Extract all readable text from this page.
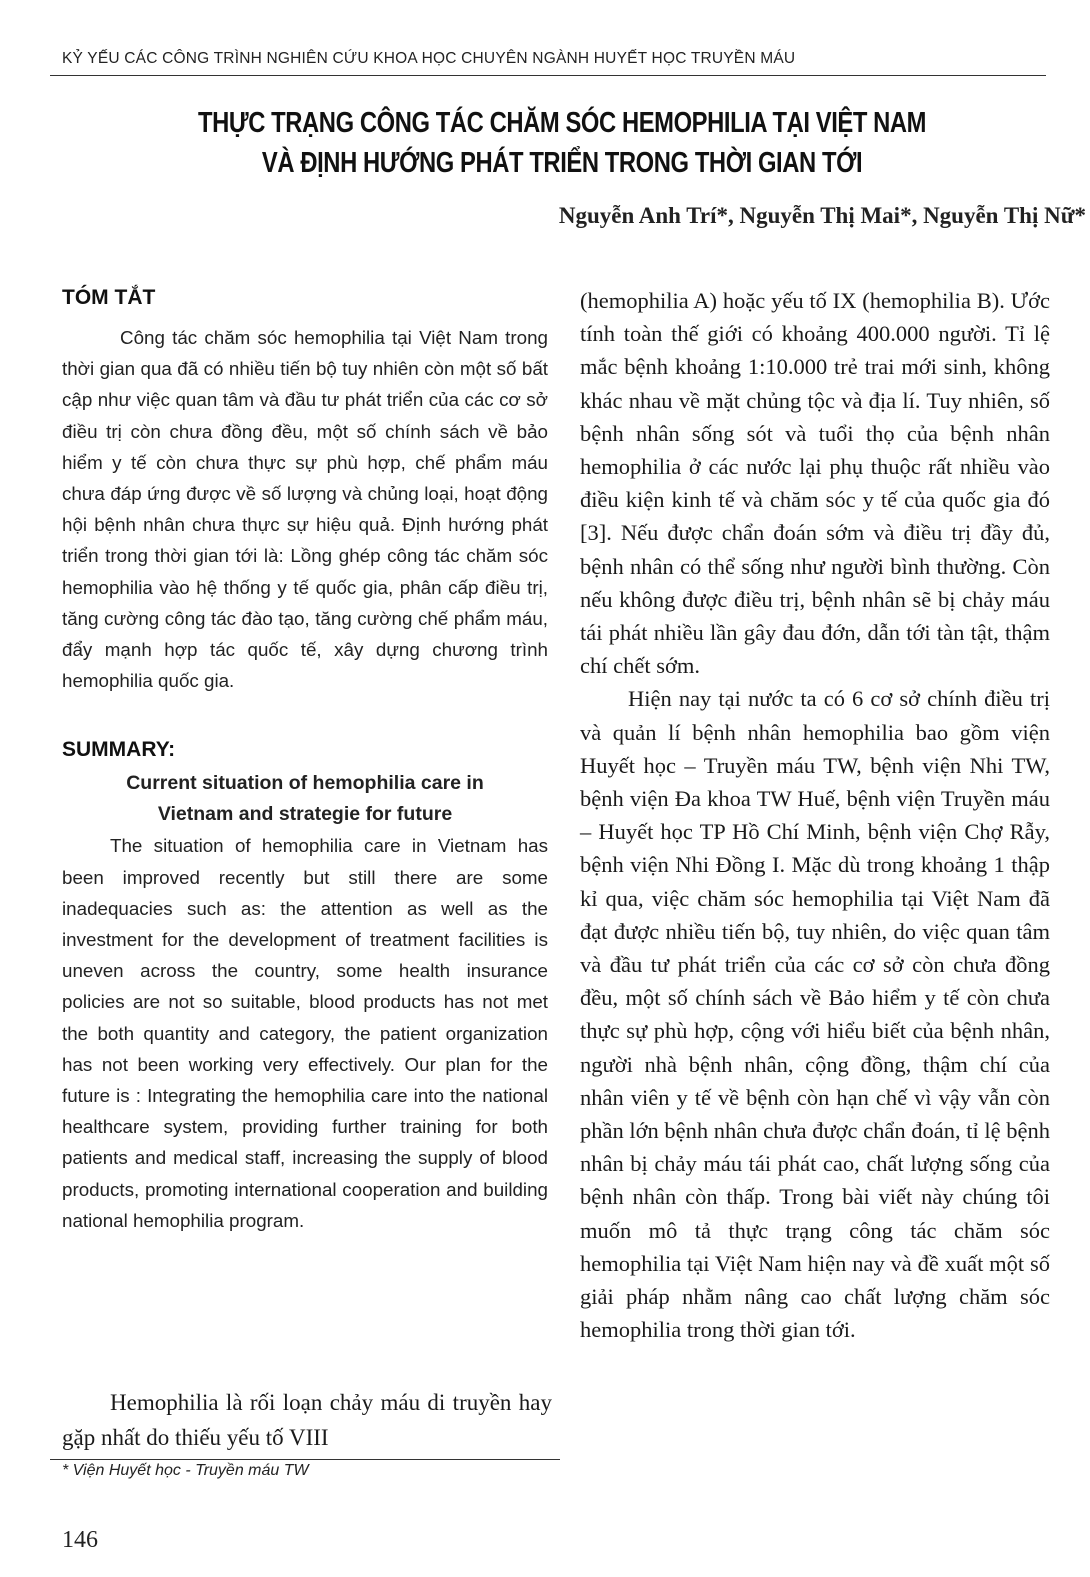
KỶ YẾU CÁC CÔNG TRÌNH NGHIÊN CỨU KHOA HỌC CHUYÊN NGÀNH HUYẾT HỌC TRUYỀN MÁU
THỰC TRẠNG CÔNG TÁC CHĂM SÓC HEMOPHILIA TẠI VIỆT NAM
VÀ ĐỊNH HƯỚNG PHÁT TRIỂN TRONG THỜI GIAN TỚI
Nguyễn Anh Trí*, Nguyễn Thị Mai*, Nguyễn Thị Nữ*

TÓM TẮT

Công tác chăm sóc hemophilia tại Việt Nam trong thời gian qua đã có nhiều tiến bộ tuy nhiên còn một số bất cập như việc quan tâm và đầu tư phát triển của các cơ sở điều trị còn chưa đồng đều, một số chính sách về bảo hiểm y tế còn chưa thực sự phù hợp, chế phẩm máu chưa đáp ứng được về số lượng và chủng loại, hoạt động hội bệnh nhân chưa thực sự hiệu quả. Định hướng phát triển trong thời gian tới là: Lồng ghép công tác chăm sóc hemophilia vào hệ thống y tế quốc gia, phân cấp điều trị, tăng cường công tác đào tạo, tăng cường chế phẩm máu, đẩy mạnh hợp tác quốc tế, xây dựng chương trình hemophilia quốc gia.

SUMMARY:

Current situation of hemophilia care in
Vietnam and strategie for future

The situation of hemophilia care in Vietnam has been improved recently but still there are some inadequacies such as: the attention as well as the investment for the development of treatment facilities is uneven across the country, some health insurance policies are not so suitable, blood products has not met the both quantity and category, the patient organization has not been working very effectively. Our plan for the future is : Integrating the hemophilia care into the national healthcare system, providing further training for both patients and medical staff, increasing the supply of blood products, promoting international cooperation and building national hemophilia program.

Hemophilia là rối loạn chảy máu di truyền hay gặp nhất do thiếu yếu tố VIII
* Viện Huyết học - Truyền máu TW
146

(hemophilia A) hoặc yếu tố IX (hemophilia B). Ước tính toàn thế giới có khoảng 400.000 người. Tỉ lệ mắc bệnh khoảng 1:10.000 trẻ trai mới sinh, không khác nhau về mặt chủng tộc và địa lí. Tuy nhiên, số bệnh nhân sống sót và tuổi thọ của bệnh nhân hemophilia ở các nước lại phụ thuộc rất nhiều vào điều kiện kinh tế và chăm sóc y tế của quốc gia đó [3]. Nếu được chẩn đoán sớm và điều trị đầy đủ, bệnh nhân có thể sống như người bình thường. Còn nếu không được điều trị, bệnh nhân sẽ bị chảy máu tái phát nhiều lần gây đau đớn, dẫn tới tàn tật, thậm chí chết sớm.

Hiện nay tại nước ta có 6 cơ sở chính điều trị và quản lí bệnh nhân hemophilia bao gồm viện Huyết học – Truyền máu TW, bệnh viện Nhi TW, bệnh viện Đa khoa TW Huế, bệnh viện Truyền máu – Huyết học TP Hồ Chí Minh, bệnh viện Chợ Rẫy, bệnh viện Nhi Đồng I. Mặc dù trong khoảng 1 thập kỉ qua, việc chăm sóc hemophilia tại Việt Nam đã đạt được nhiều tiến bộ, tuy nhiên, do việc quan tâm và đầu tư phát triển của các cơ sở còn chưa đồng đều, một số chính sách về Bảo hiểm y tế còn chưa thực sự phù hợp, cộng với hiểu biết của bệnh nhân, người nhà bệnh nhân, cộng đồng, thậm chí của nhân viên y tế về bệnh còn hạn chế vì vậy vẫn còn phần lớn bệnh nhân chưa được chẩn đoán, tỉ lệ bệnh nhân bị chảy máu tái phát cao, chất lượng sống của bệnh nhân còn thấp. Trong bài viết này chúng tôi muốn mô tả thực trạng công tác chăm sóc hemophilia tại Việt Nam hiện nay và đề xuất một số giải pháp nhằm nâng cao chất lượng chăm sóc hemophilia trong thời gian tới.
